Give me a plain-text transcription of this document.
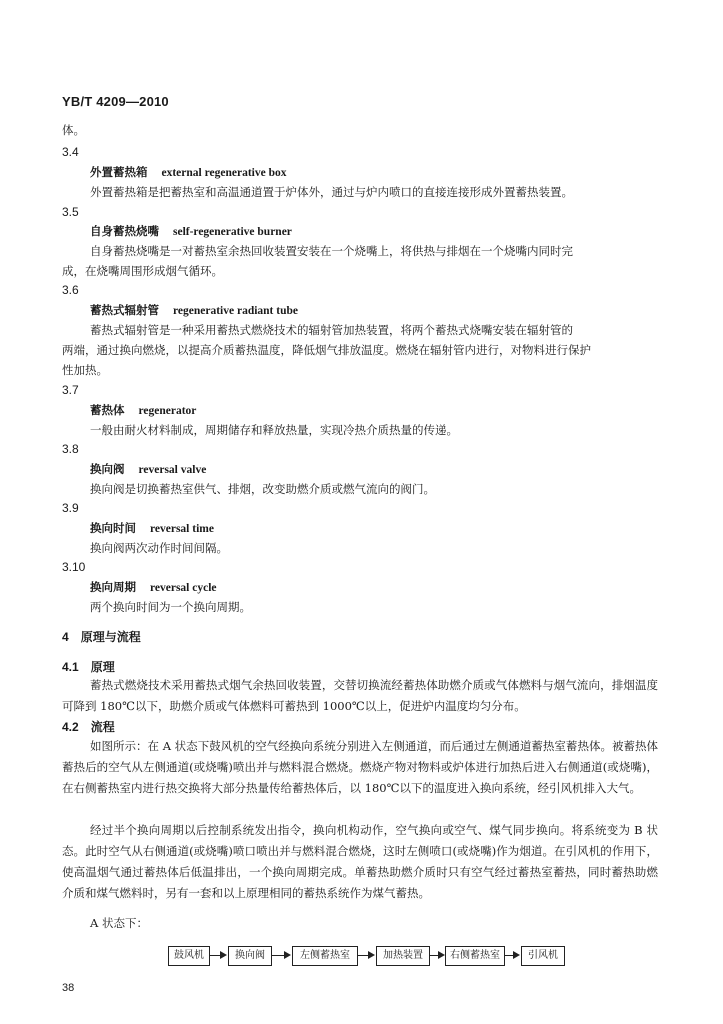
YB/T 4209—2010
体。
3.4
外置蓄热箱 external regenerative box
外置蓄热箱是把蓄热室和高温通道置于炉体外，通过与炉内喷口的直接连接形成外置蓄热装置。
3.5
自身蓄热烧嘴 self-regenerative burner
自身蓄热烧嘴是一对蓄热室余热回收装置安装在一个烧嘴上，将供热与排烟在一个烧嘴内同时完
成，在烧嘴周围形成烟气循环。
3.6
蓄热式辐射管 regenerative radiant tube
蓄热式辐射管是一种采用蓄热式燃烧技术的辐射管加热装置，将两个蓄热式烧嘴安装在辐射管的
两端，通过换向燃烧，以提高介质蓄热温度，降低烟气排放温度。燃烧在辐射管内进行，对物料进行保护
性加热。
3.7
蓄热体 regenerator
一般由耐火材料制成，周期储存和释放热量，实现冷热介质热量的传递。
3.8
换向阀 reversal valve
换向阀是切换蓄热室供气、排烟，改变助燃介质或燃气流向的阀门。
3.9
换向时间 reversal time
换向阀两次动作时间间隔。
3.10
换向周期 reversal cycle
两个换向时间为一个换向周期。
4 原理与流程
4.1 原理
蓄热式燃烧技术采用蓄热式烟气余热回收装置，交替切换流经蓄热体助燃介质或气体燃料与烟气流向，排烟温度可降到 180℃以下，助燃介质或气体燃料可蓄热到 1000℃以上，促进炉内温度均匀分布。
4.2 流程
如图所示：在 A 状态下鼓风机的空气经换向系统分别进入左侧通道，而后通过左侧通道蓄热室蓄热体。被蓄热体蓄热后的空气从左侧通道(或烧嘴)喷出并与燃料混合燃烧。燃烧产物对物料或炉体进行加热后进入右侧通道(或烧嘴)，在右侧蓄热室内进行热交换将大部分热量传给蓄热体后，以 180℃以下的温度进入换向系统，经引风机排入大气。
经过半个换向周期以后控制系统发出指令，换向机构动作，空气换向或空气、煤气同步换向。将系统变为 B 状态。此时空气从右侧通道(或烧嘴)喷口喷出并与燃料混合燃烧，这时左侧喷口(或烧嘴)作为烟道。在引风机的作用下，使高温烟气通过蓄热体后低温排出，一个换向周期完成。单蓄热助燃介质时只有空气经过蓄热室蓄热，同时蓄热助燃介质和煤气燃料时，另有一套和以上原理相同的蓄热系统作为煤气蓄热。
A 状态下：
鼓风机	换向阀	左侧蓄热室	加热装置	右侧蓄热室	引风机
38
